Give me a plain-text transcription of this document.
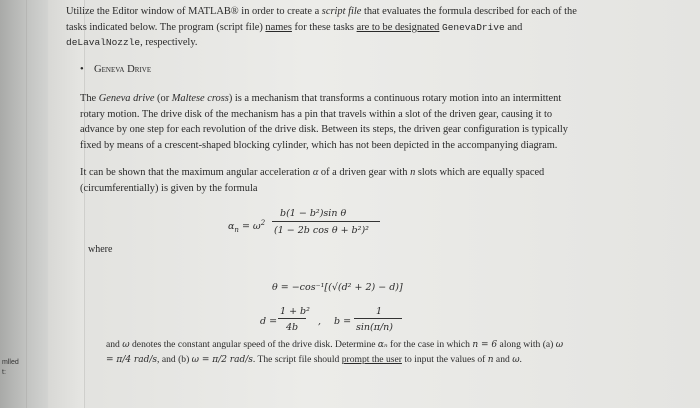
mlled
t:

Utilize the Editor window of MATLAB® in order to create a script file that evaluates the formula described for each of the tasks indicated below. The program (script file) names for these tasks are to be designated GenevaDrive and deLavalNozzle, respectively.

• Geneva Drive

The Geneva drive (or Maltese cross) is a mechanism that transforms a continuous rotary motion into an intermittent rotary motion. The drive disk of the mechanism has a pin that travels within a slot of the driven gear, causing it to advance by one step for each revolution of the drive disk. Between its steps, the driven gear configuration is typically fixed by means of a crescent-shaped blocking cylinder, which has not been depicted in the accompanying diagram.

It can be shown that the maximum angular acceleration α of a driven gear with n slots which are equally spaced (circumferentially) is given by the formula

$\alpha_n = \omega^2$
b(1 − b²)sin θ
(1 − 2b cos θ + b²)²
where
θ = −cos⁻¹[(√(d² + 2) − d)]
d =
1 + b²
4b
, b =
1
sin(π/n)

and ω denotes the constant angular speed of the drive disk. Determine αₙ for the case in which n = 6 along with (a) ω = π/4 rad/s, and (b) ω = π/2 rad/s. The script file should prompt the user to input the values of n and ω.
